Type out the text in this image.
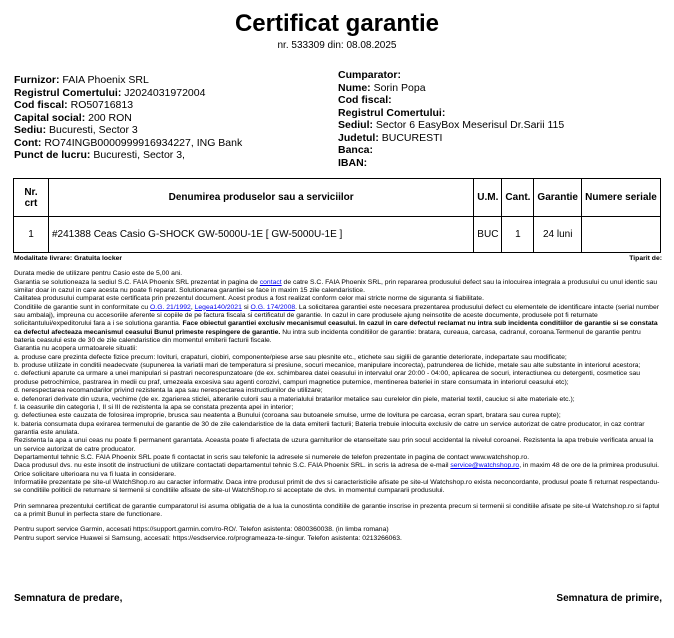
Certificat garantie
nr. 533309 din: 08.08.2025
Furnizor: FAIA Phoenix SRL
Registrul Comertului: J2024031972004
Cod fiscal: RO50716813
Capital social: 200 RON
Sediu: Bucuresti, Sector 3
Cont: RO74INGB0000999916934227, ING Bank
Punct de lucru: Bucuresti, Sector 3,
Cumparator:
Nume: Sorin Popa
Cod fiscal:
Registrul Comertului:
Sediul: Sector 6 EasyBox Meserisul Dr.Sarii 115
Judetul: BUCURESTI
Banca:
IBAN:
Nr. crt	Denumirea produselor sau a serviciilor	U.M.	Cant.	Garantie	Numere seriale
1	#241388 Ceas Casio G-SHOCK GW-5000U-1E [ GW-5000U-1E ]	BUC	1	24 luni	
Modalitate livrare: Gratuita locker	Tiparit de:

Durata medie de utilizare pentru Casio este de 5,00 ani.

Garantia se solutioneaza la sediul S.C. FAIA Phoenix SRL prezentat in pagina de contact de catre S.C. FAIA Phoenix SRL, prin repararea produsului defect sau la inlocuirea integrala a produsului cu unul identic sau similar doar in cazul in care acesta nu poate fi reparat. Solutionarea garantiei se face in maxim 15 zile calendaristice.

Calitatea produsului cumparat este certificata prin prezentul document. Acest produs a fost realizat conform celor mai stricte norme de siguranta si fiabilitate.

Conditiile de garantie sunt in conformitate cu O.G. 21/1992, Legea140/2021 si O.G. 174/2008. La solicitarea garantiei este necesara prezentarea produsului defect cu elementele de identificare intacte (serial number sau ambalaj), impreuna cu accesoriile aferente si copiile de pe factura fiscala si certificatul de garantie. In cazul in care produsele ajung neinsotite de aceste documente, produsele pot fi returnate solicitantului/expeditorului fara a i se solutiona garantia. Face obiectul garantiei exclusiv mecanismul ceasului. In cazul in care defectul reclamat nu intra sub incidenta conditiilor de garantie si se constata ca defectul afecteaza mecanismul ceasului Bunul primeste respingere de garantie. Nu intra sub incidenta conditiilor de garantie: bratara, cureaua, carcasa, cadranul, coroana.Termenul de garantie pentru bateria ceasului este de 30 de zile calendaristice din momentul emiterii facturii fiscale.

Garantia nu acopera urmatoarele situatii:

a. produse care prezinta defecte fizice precum: lovituri, crapaturi, ciobiri, componente/piese arse sau plesnite etc., etichete sau sigilii de garantie deteriorate, indepartate sau modificate;

b. produse utilizate in conditii neadecvate (supunerea la variatii mari de temperatura si presiune, socuri mecanice, manipulare incorecta), patrunderea de lichide, metale sau alte substante in interiorul acestora;

c. defectiuni aparute ca urmare a unei manipulari si pastrari necorespunzatoare (de ex. schimbarea datei ceasului in intervalul orar 20:00 - 04:00, aplicarea de socuri, interactiunea cu detergenti, cosmetice sau produse petrochimice, pastrarea in medii cu praf, umezeala excesiva sau agenti corozivi, campuri magnetice puternice, mentinerea bateriei in stare consumata in interiorul ceasului etc);

d. nerespectarea recomandarilor privind rezistenta la apa sau nerespectarea instructiunilor de utilizare;

e. defenorari derivate din uzura, vechime (de ex. zgarierea sticlei, alterarile culorii sau a materialului bratarilor metalice sau curelelor din piele, material textil, cauciuc si alte materiale etc.);

f. la ceasurile din categoria I, II si III de rezistenta la apa se constata prezenta apei in interior;

g. defectiunea este cauzata de folosirea improprie, brusca sau neatenta a Bunului (coroana sau butoanele smulse, urme de lovitura pe carcasa, ecran spart, bratara sau curea rupte);

k. bateria consumata dupa exirarea termenului de garantie de 30 de zile calendaristice de la data emiterii facturii; Bateria trebuie inlocuita exclusiv de catre un service autorizat de catre producator, in caz contrar garantia este anulata.

Rezistenta la apa a unui ceas nu poate fi permanent garantata. Aceasta poate fi afectata de uzura garniturilor de etanseitate sau prin socul accidental la nivelul coroanei. Rezistenta la apa trebuie verificata anual la un service autorizat de catre producator.

Departamentul tehnic S.C. FAIA Phoenix SRL poate fi contactat in scris sau telefonic la adresele si numerele de telefon prezentate in pagina de contact www.watchshop.ro.

Daca produsul dvs. nu este insotit de instructiuni de utilizare contactati departamentul tehnic S.C. FAIA Phoenix SRL. in scris la adresa de e-mail service@watchshop.ro, in maxim 48 de ore de la primirea produsului. Orice solicitare ulterioara nu va fi luata in considerare.

Informatiile prezentate pe site-ul WatchShop.ro au caracter informativ. Daca intre produsul primit de dvs si caracteristicile afisate pe site-ul Watchshop.ro exista neconcordante, produsul poate fi returnat respectandu-se conditiile politicii de returnare si termenii si conditiile afisate de site-ul WatchShop.ro si acceptate de dvs. in momentul cumpararii produsului.

Prin semnarea prezentului certificat de garantie cumparatorul isi asuma obligatia de a lua la cunostinta conditiile de garantie inscrise in prezenta precum si termenii si conditiile afisate pe site-ul Watchshop.ro si faptul ca a primit Bunul in perfecta stare de functionare.

Pentru suport service Garmin, accesati https://support.garmin.com/ro-RO/. Telefon asistenta: 0800360038. (in limba romana)

Pentru suport service Huawei si Samsung, accesati: https://esdservice.ro/programeaza-te-singur. Telefon asistenta: 0213266063.

Semnatura de predare,	Semnatura de primire,
